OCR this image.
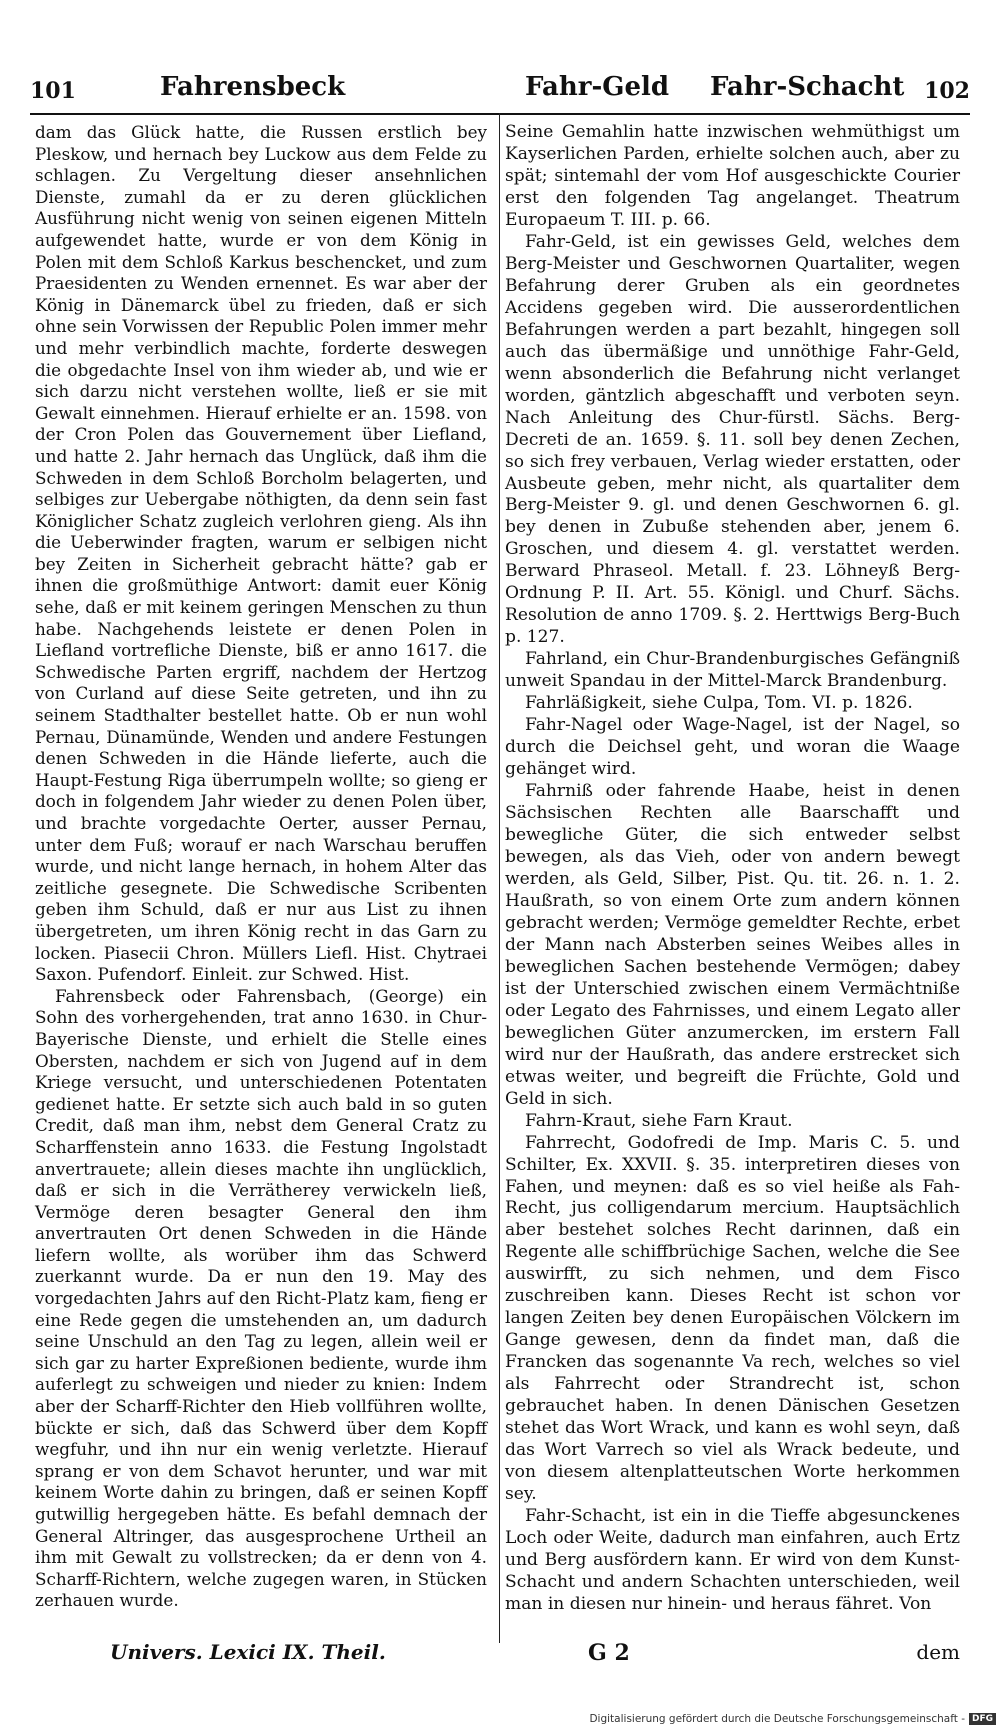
101	Fahrensbeck	Fahr-Geld Fahr-Schacht 102

dam das Glück hatte, die Russen erstlich bey Pleskow, und hernach bey Luckow aus dem Felde zu schlagen. Zu Vergeltung dieser ansehnlichen Dienste, zumahl da er zu deren glücklichen Ausführung nicht wenig von seinen eigenen Mitteln aufgewendet hatte, wurde er von dem König in Polen mit dem Schloß Karkus beschencket, und zum Praesidenten zu Wenden ernennet. Es war aber der König in Dänemarck übel zu frieden, daß er sich ohne sein Vorwissen der Republic Polen immer mehr und mehr verbindlich machte, forderte deswegen die obgedachte Insel von ihm wieder ab, und wie er sich darzu nicht verstehen wollte, ließ er sie mit Gewalt einnehmen. Hierauf erhielte er an. 1598. von der Cron Polen das Gouvernement über Liefland, und hatte 2. Jahr hernach das Unglück, daß ihm die Schweden in dem Schloß Borcholm belagerten, und selbiges zur Uebergabe nöthigten, da denn sein fast Königlicher Schatz zugleich verlohren gieng. Als ihn die Ueberwinder fragten, warum er selbigen nicht bey Zeiten in Sicherheit gebracht hätte? gab er ihnen die großmüthige Antwort: damit euer König sehe, daß er mit keinem geringen Menschen zu thun habe. Nachgehends leistete er denen Polen in Liefland vortrefliche Dienste, biß er anno 1617. die Schwedische Parten ergriff, nachdem der Hertzog von Curland auf diese Seite getreten, und ihn zu seinem Stadthalter bestellet hatte. Ob er nun wohl Pernau, Dünamünde, Wenden und andere Festungen denen Schweden in die Hände lieferte, auch die Haupt-Festung Riga überrumpeln wollte; so gieng er doch in folgendem Jahr wieder zu denen Polen über, und brachte vorgedachte Oerter, ausser Pernau, unter dem Fuß; worauf er nach Warschau beruffen wurde, und nicht lange hernach, in hohem Alter das zeitliche gesegnete. Die Schwedische Scribenten geben ihm Schuld, daß er nur aus List zu ihnen übergetreten, um ihren König recht in das Garn zu locken. Piasecii Chron. Müllers Liefl. Hist. Chytraei Saxon. Pufendorf. Einleit. zur Schwed. Hist.

Fahrensbeck oder Fahrensbach, (George) ein Sohn des vorhergehenden, trat anno 1630. in Chur-Bayerische Dienste, und erhielt die Stelle eines Obersten, nachdem er sich von Jugend auf in dem Kriege versucht, und unterschiedenen Potentaten gedienet hatte. Er setzte sich auch bald in so guten Credit, daß man ihm, nebst dem General Cratz zu Scharffenstein anno 1633. die Festung Ingolstadt anvertrauete; allein dieses machte ihn unglücklich, daß er sich in die Verrätherey verwickeln ließ, Vermöge deren besagter General den ihm anvertrauten Ort denen Schweden in die Hände liefern wollte, als worüber ihm das Schwerd zuerkannt wurde. Da er nun den 19. May des vorgedachten Jahrs auf den Richt-Platz kam, fieng er eine Rede gegen die umstehenden an, um dadurch seine Unschuld an den Tag zu legen, allein weil er sich gar zu harter Expreßionen bediente, wurde ihm auferlegt zu schweigen und nieder zu knien: Indem aber der Scharff-Richter den Hieb vollführen wollte, bückte er sich, daß das Schwerd über dem Kopff wegfuhr, und ihn nur ein wenig verletzte. Hierauf sprang er von dem Schavot herunter, und war mit keinem Worte dahin zu bringen, daß er seinen Kopff gutwillig hergegeben hätte. Es befahl demnach der General Altringer, das ausgesprochene Urtheil an ihm mit Gewalt zu vollstrecken; da er denn von 4. Scharff-Richtern, welche zugegen waren, in Stücken zerhauen wurde.

Seine Gemahlin hatte inzwischen wehmüthigst um Kayserlichen Parden, erhielte solchen auch, aber zu spät; sintemahl der vom Hof ausgeschickte Courier erst den folgenden Tag angelanget. Theatrum Europaeum T. III. p. 66.

Fahr-Geld, ist ein gewisses Geld, welches dem Berg-Meister und Geschwornen Quartaliter, wegen Befahrung derer Gruben als ein geordnetes Accidens gegeben wird. Die ausserordentlichen Befahrungen werden a part bezahlt, hingegen soll auch das übermäßige und unnöthige Fahr-Geld, wenn absonderlich die Befahrung nicht verlanget worden, gäntzlich abgeschafft und verboten seyn. Nach Anleitung des Chur-fürstl. Sächs. Berg-Decreti de an. 1659. §. 11. soll bey denen Zechen, so sich frey verbauen, Verlag wieder erstatten, oder Ausbeute geben, mehr nicht, als quartaliter dem Berg-Meister 9. gl. und denen Geschwornen 6. gl. bey denen in Zubuße stehenden aber, jenem 6. Groschen, und diesem 4. gl. verstattet werden. Berward Phraseol. Metall. f. 23. Löhneyß Berg-Ordnung P. II. Art. 55. Königl. und Churf. Sächs. Resolution de anno 1709. §. 2. Herttwigs Berg-Buch p. 127.

Fahrland, ein Chur-Brandenburgisches Gefängniß unweit Spandau in der Mittel-Marck Brandenburg.

Fahrläßigkeit, siehe Culpa, Tom. VI. p. 1826.

Fahr-Nagel oder Wage-Nagel, ist der Nagel, so durch die Deichsel geht, und woran die Waage gehänget wird.

Fahrniß oder fahrende Haabe, heist in denen Sächsischen Rechten alle Baarschafft und bewegliche Güter, die sich entweder selbst bewegen, als das Vieh, oder von andern bewegt werden, als Geld, Silber, Pist. Qu. tit. 26. n. 1. 2. Haußrath, so von einem Orte zum andern können gebracht werden; Vermöge gemeldter Rechte, erbet der Mann nach Absterben seines Weibes alles in beweglichen Sachen bestehende Vermögen; dabey ist der Unterschied zwischen einem Vermächtniße oder Legato des Fahrnisses, und einem Legato aller beweglichen Güter anzumercken, im erstern Fall wird nur der Haußrath, das andere erstrecket sich etwas weiter, und begreift die Früchte, Gold und Geld in sich.

Fahrn-Kraut, siehe Farn Kraut.

Fahrrecht, Godofredi de Imp. Maris C. 5. und Schilter, Ex. XXVII. §. 35. interpretiren dieses von Fahen, und meynen: daß es so viel heiße als Fah-Recht, jus colligendarum mercium. Hauptsächlich aber bestehet solches Recht darinnen, daß ein Regente alle schiffbrüchige Sachen, welche die See auswirfft, zu sich nehmen, und dem Fisco zuschreiben kann. Dieses Recht ist schon vor langen Zeiten bey denen Europäischen Völckern im Gange gewesen, denn da findet man, daß die Francken das sogenannte Va rech, welches so viel als Fahrrecht oder Strandrecht ist, schon gebrauchet haben. In denen Dänischen Gesetzen stehet das Wort Wrack, und kann es wohl seyn, daß das Wort Varrech so viel als Wrack bedeute, und von diesem altenplatteutschen Worte herkommen sey.

Fahr-Schacht, ist ein in die Tieffe abgesunckenes Loch oder Weite, dadurch man einfahren, auch Ertz und Berg ausfördern kann. Er wird von dem Kunst-Schacht und andern Schachten unterschieden, weil man in diesen nur hinein- und heraus fähret. Von

Univers. Lexici IX. Theil.	G 2	dem
Digitalisierung gefördert durch die Deutsche Forschungsgemeinschaft - DFG
